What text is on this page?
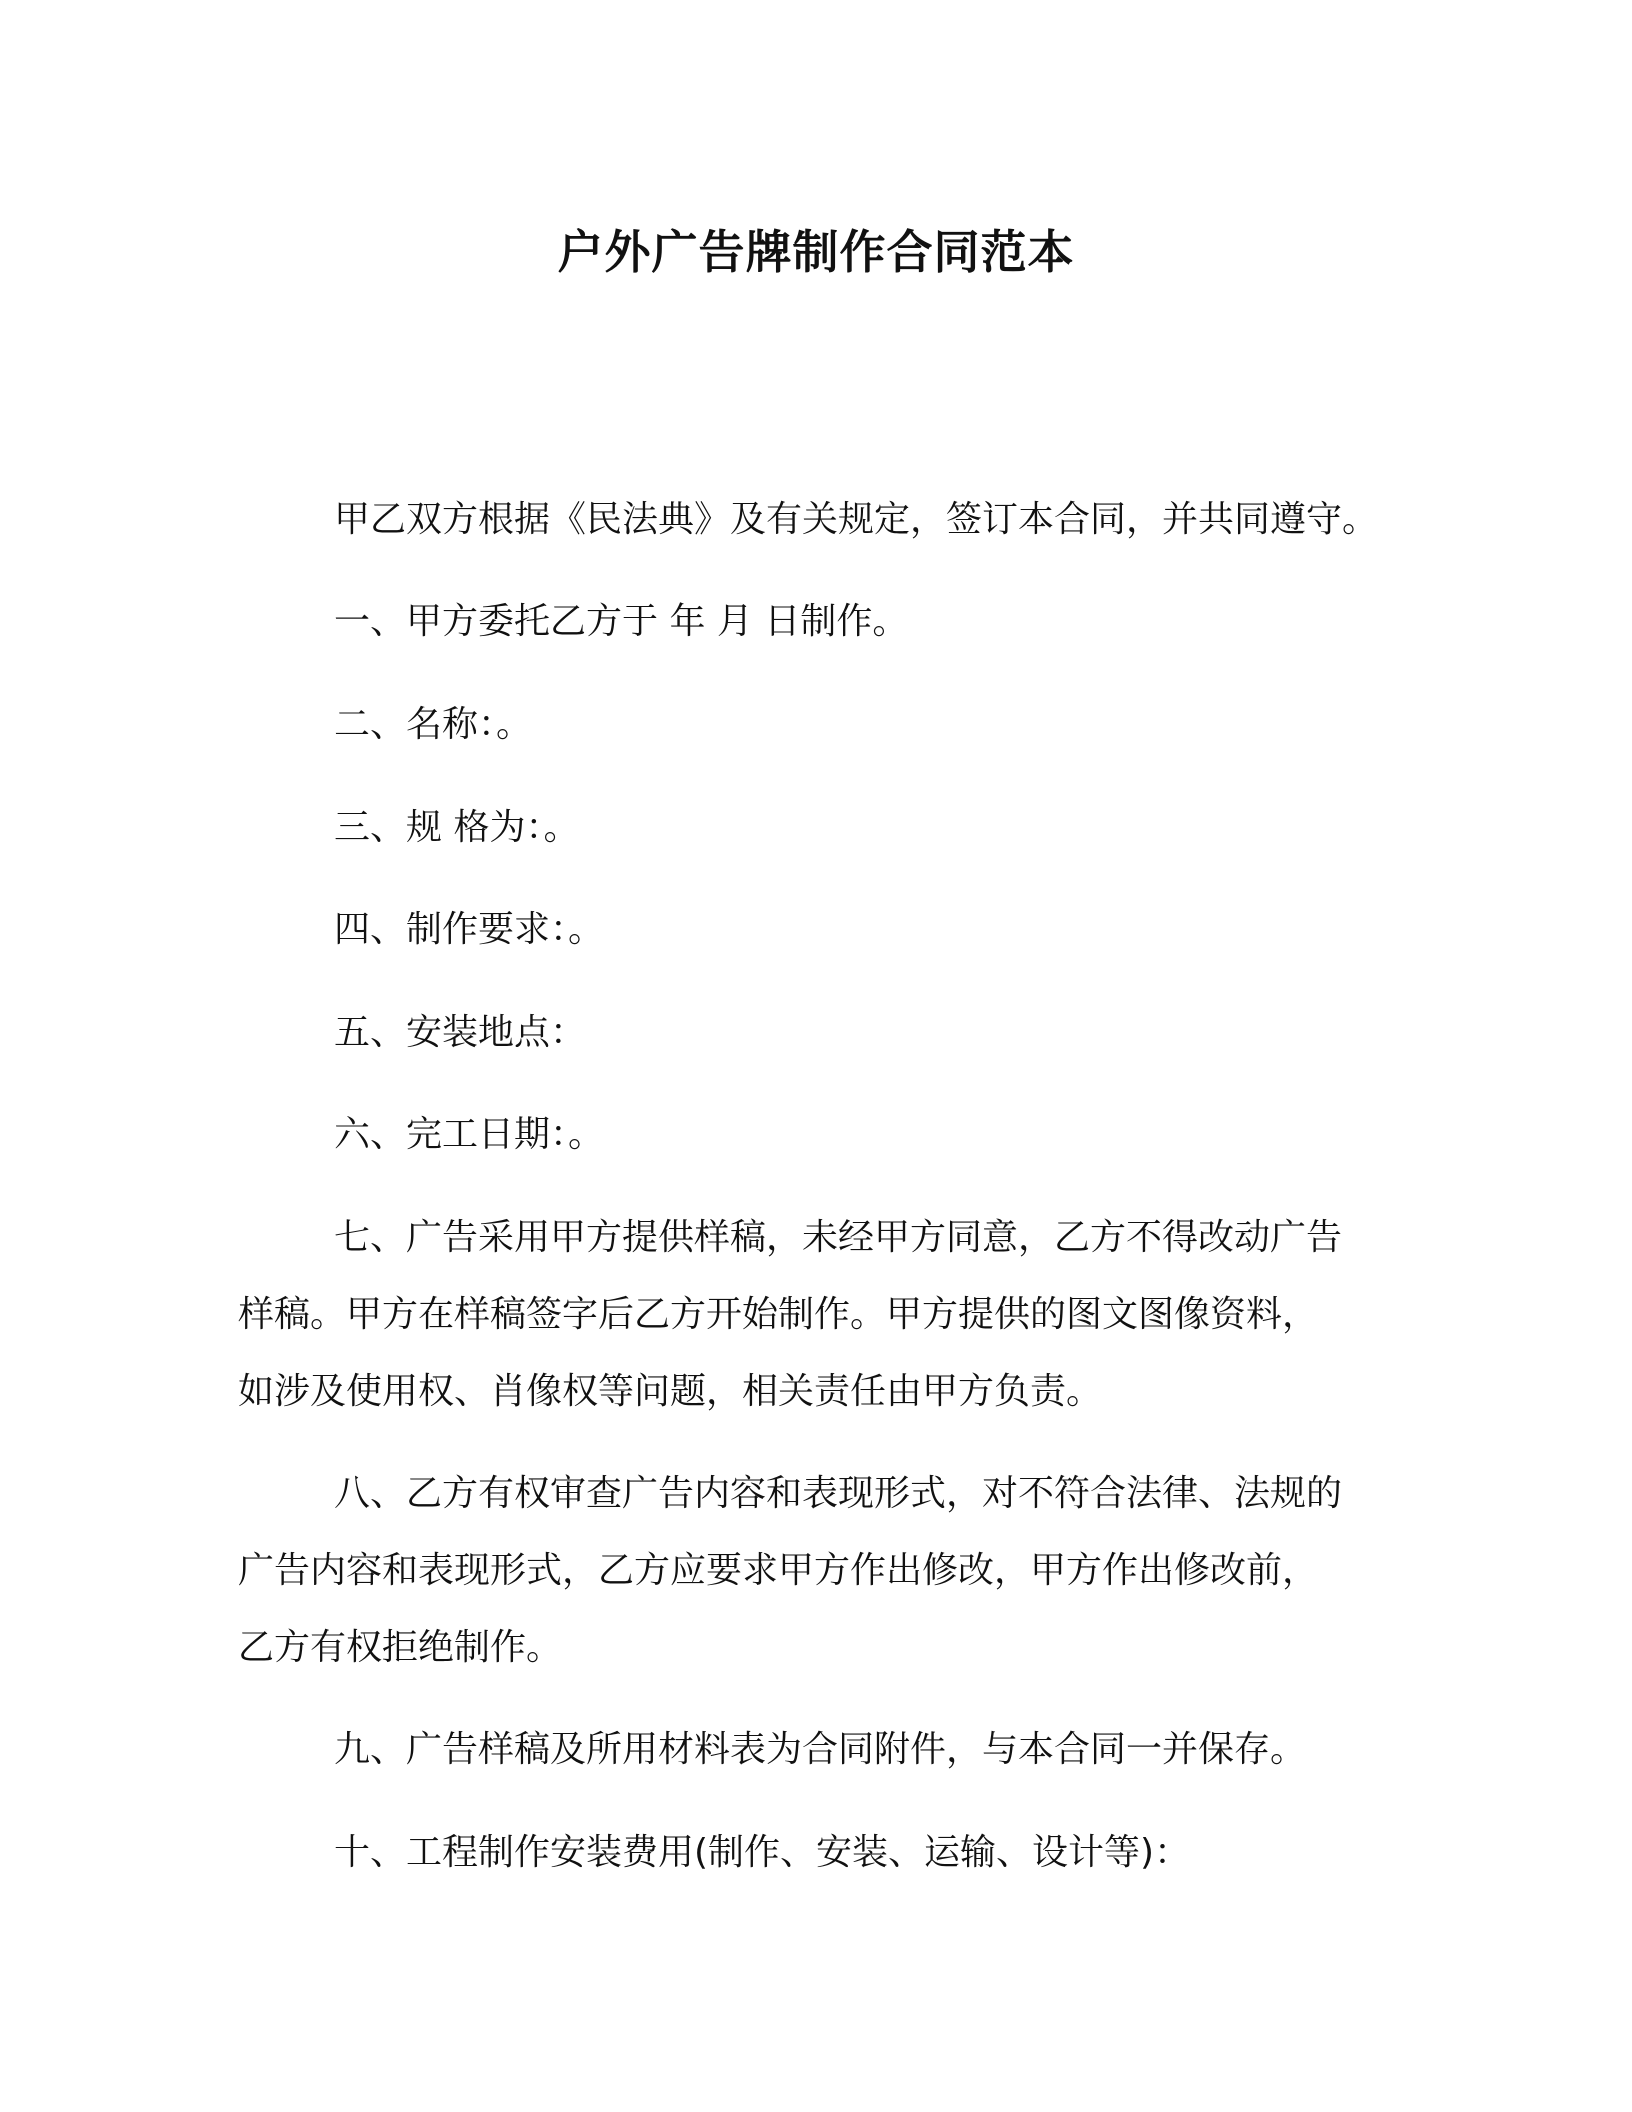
户外广告牌制作合同范本
甲乙双方根据《民法典》及有关规定，签订本合同，并共同遵守。
一、甲方委托乙方于 年 月 日制作。
二、名称：。
三、规 格为：。
四、制作要求：。
五、安装地点：
六、完工日期：。
七、广告采用甲方提供样稿，未经甲方同意，乙方不得改动广告
样稿。甲方在样稿签字后乙方开始制作。甲方提供的图文图像资料，
如涉及使用权、肖像权等问题，相关责任由甲方负责。
八、乙方有权审查广告内容和表现形式，对不符合法律、法规的
广告内容和表现形式，乙方应要求甲方作出修改，甲方作出修改前，
乙方有权拒绝制作。
九、广告样稿及所用材料表为合同附件，与本合同一并保存。
十、工程制作安装费用(制作、安装、运输、设计等)：
